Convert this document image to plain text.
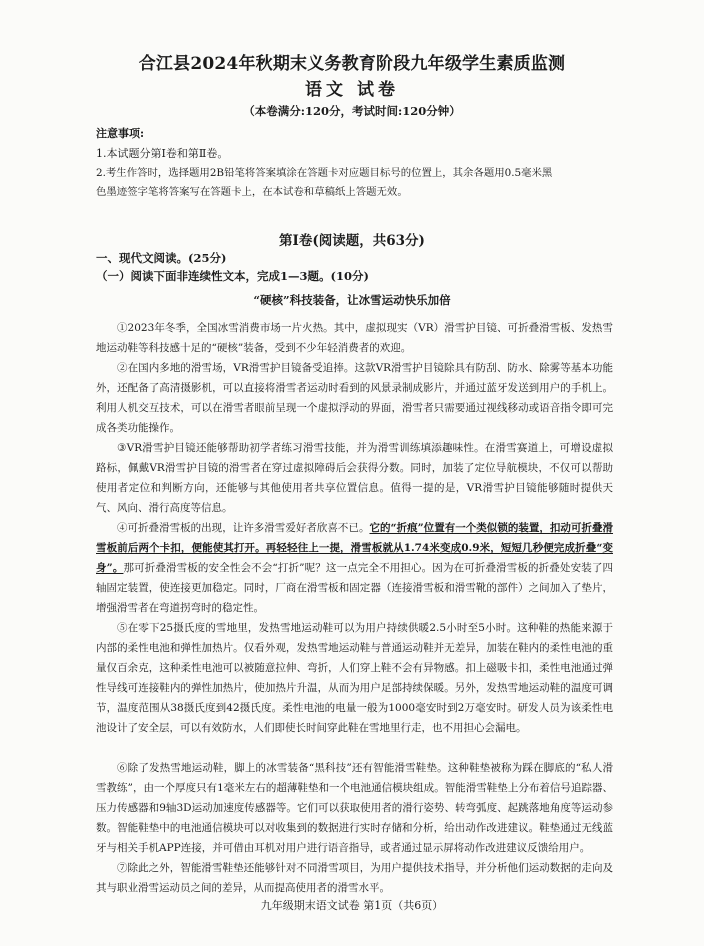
合江县2024年秋期末义务教育阶段九年级学生素质监测
语文 试卷
（本卷满分:120分，考试时间:120分钟）
注意事项:
1.本试题分第Ⅰ卷和第Ⅱ卷。
2.考生作答时，选择题用2B铅笔将答案填涂在答题卡对应题目标号的位置上，其余各题用0.5毫米黑
色墨迹签字笔将答案写在答题卡上，在本试卷和草稿纸上答题无效。
第Ⅰ卷(阅读题，共63分)
一、现代文阅读。(25分)
（一）阅读下面非连续性文本，完成1—3题。(10分)
“硬核”科技装备，让冰雪运动快乐加倍
①2023年冬季，全国冰雪消费市场一片火热。其中，虚拟现实（VR）滑雪护目镜、可折叠滑雪板、发热雪地运动鞋等科技感十足的“硬核”装备，受到不少年轻消费者的欢迎。
②在国内多地的滑雪场，VR滑雪护目镜备受追捧。这款VR滑雪护目镜除具有防刮、防水、除雾等基本功能外，还配备了高清摄影机，可以直接将滑雪者运动时看到的风景录制成影片，并通过蓝牙发送到用户的手机上。利用人机交互技术，可以在滑雪者眼前呈现一个虚拟浮动的界面，滑雪者只需要通过视线移动或语音指令即可完成各类功能操作。
③VR滑雪护目镜还能够帮助初学者练习滑雪技能，并为滑雪训练填添趣味性。在滑雪赛道上，可增设虚拟路标，佩戴VR滑雪护目镜的滑雪者在穿过虚拟障碍后会获得分数。同时，加装了定位导航模块，不仅可以帮助使用者定位和判断方向，还能够与其他使用者共享位置信息。值得一提的是，VR滑雪护目镜能够随时提供天气、风向、滑行高度等信息。
④可折叠滑雪板的出现，让许多滑雪爱好者欣喜不已。它的“折痕”位置有一个类似锁的装置，扣动可折叠滑雪板前后两个卡扣，便能使其打开。再轻轻往上一提，滑雪板就从1.74米变成0.9米，短短几秒便完成折叠“变身”。那可折叠滑雪板的安全性会不会“打折”呢？这一点完全不用担心。因为在可折叠滑雪板的折叠处安装了四轴固定装置，使连接更加稳定。同时，厂商在滑雪板和固定器（连接滑雪板和滑雪靴的部件）之间加入了垫片，增强滑雪者在弯道拐弯时的稳定性。
⑤在零下25摄氏度的雪地里，发热雪地运动鞋可以为用户持续供暖2.5小时至5小时。这种鞋的热能来源于内部的柔性电池和弹性加热片。仅看外观，发热雪地运动鞋与普通运动鞋并无差异，加装在鞋内的柔性电池的重量仅百余克，这种柔性电池可以被随意拉伸、弯折，人们穿上鞋不会有异物感。扣上磁吸卡扣，柔性电池通过弹性导线可连接鞋内的弹性加热片，使加热片升温，从而为用户足部持续保暖。另外，发热雪地运动鞋的温度可调节，温度范围从38摄氏度到42摄氏度。柔性电池的电量一般为1000毫安时到2万毫安时。研发人员为该柔性电池设计了安全层，可以有效防水，人们即使长时间穿此鞋在雪地里行走，也不用担心会漏电。
⑥除了发热雪地运动鞋，脚上的冰雪装备“黑科技”还有智能滑雪鞋垫。这种鞋垫被称为踩在脚底的“私人滑雪教练”，由一个厚度只有1毫米左右的超薄鞋垫和一个电池通信模块组成。智能滑雪鞋垫上分布着信号追踪器、压力传感器和9轴3D运动加速度传感器等。它们可以获取使用者的滑行姿势、转弯弧度、起跳落地角度等运动参数。智能鞋垫中的电池通信模块可以对收集到的数据进行实时存储和分析，给出动作改进建议。鞋垫通过无线蓝牙与相关手机APP连接，并可借由耳机对用户进行语音指导，或者通过显示屏将动作改进建议反馈给用户。
⑦除此之外，智能滑雪鞋垫还能够针对不同滑雪项目，为用户提供技术指导，并分析他们运动数据的走向及其与职业滑雪运动员之间的差异，从而提高使用者的滑雪水平。
九年级期末语文试卷 第1页（共6页）
